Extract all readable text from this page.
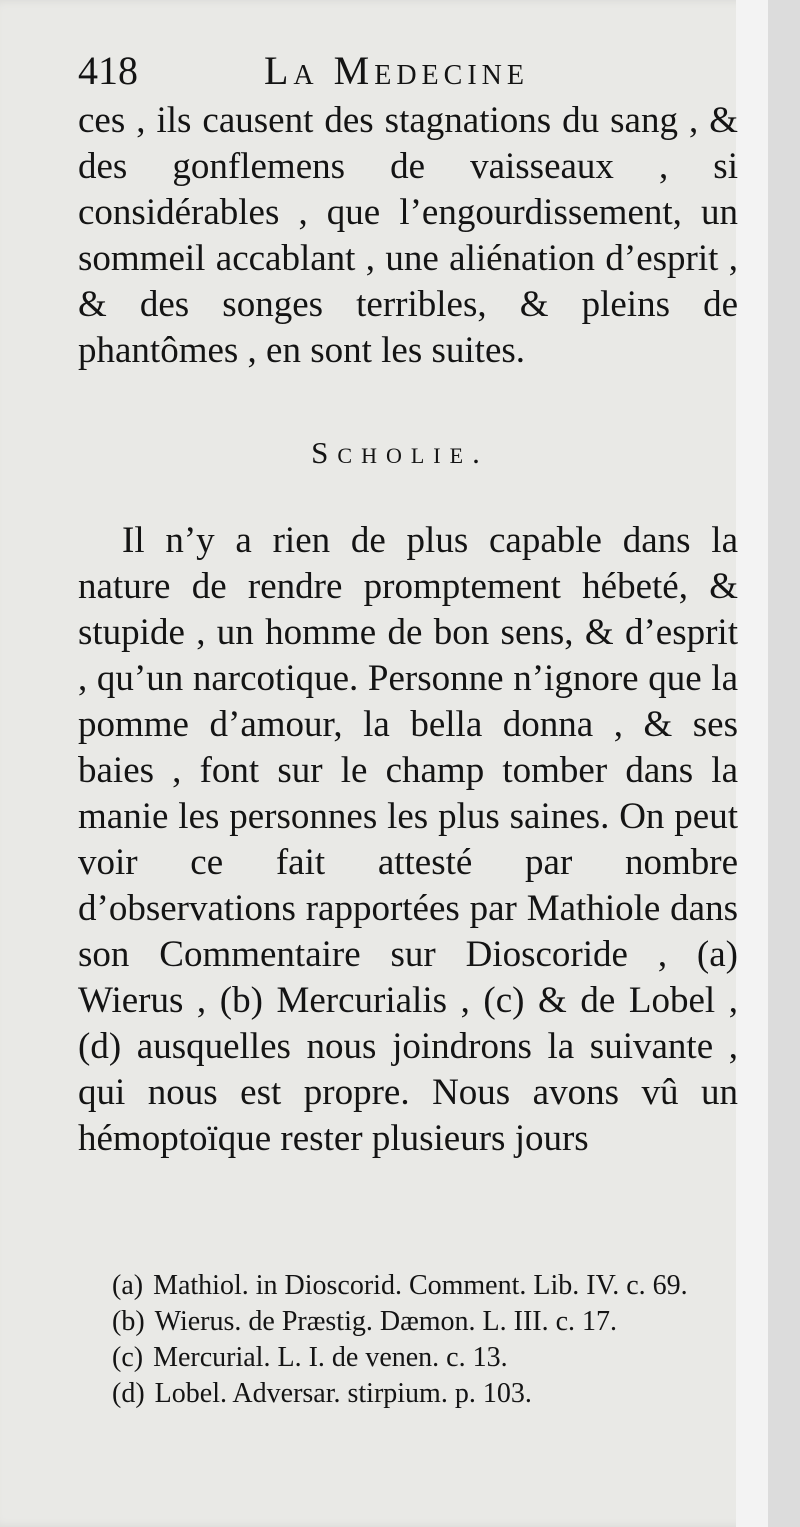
418	La Medecine

ces , ils causent des stagnations du sang , & des gonflemens de vaisseaux , si considérables , que l’engourdissement, un sommeil accablant , une aliénation d’esprit , & des songes terribles, & pleins de phantômes , en sont les suites.

Scholie.

Il n’y a rien de plus capable dans la nature de rendre promptement hébeté, & stupide , un homme de bon sens, & d’esprit , qu’un narcotique. Personne n’ignore que la pomme d’amour, la bella donna , & ses baies , font sur le champ tomber dans la manie les personnes les plus saines. On peut voir ce fait attesté par nombre d’observations rapportées par Mathiole dans son Commentaire sur Dioscoride , (a) Wierus , (b) Mercurialis , (c) & de Lobel , (d) ausquelles nous joindrons la suivante , qui nous est propre. Nous avons vû un hémoptoïque rester plusieurs jours

(a) Mathiol. in Dioscorid. Comment. Lib. IV. c. 69.

(b) Wierus. de Præstig. Dæmon. L. III. c. 17.

(c) Mercurial. L. I. de venen. c. 13.

(d) Lobel. Adversar. stirpium. p. 103.
